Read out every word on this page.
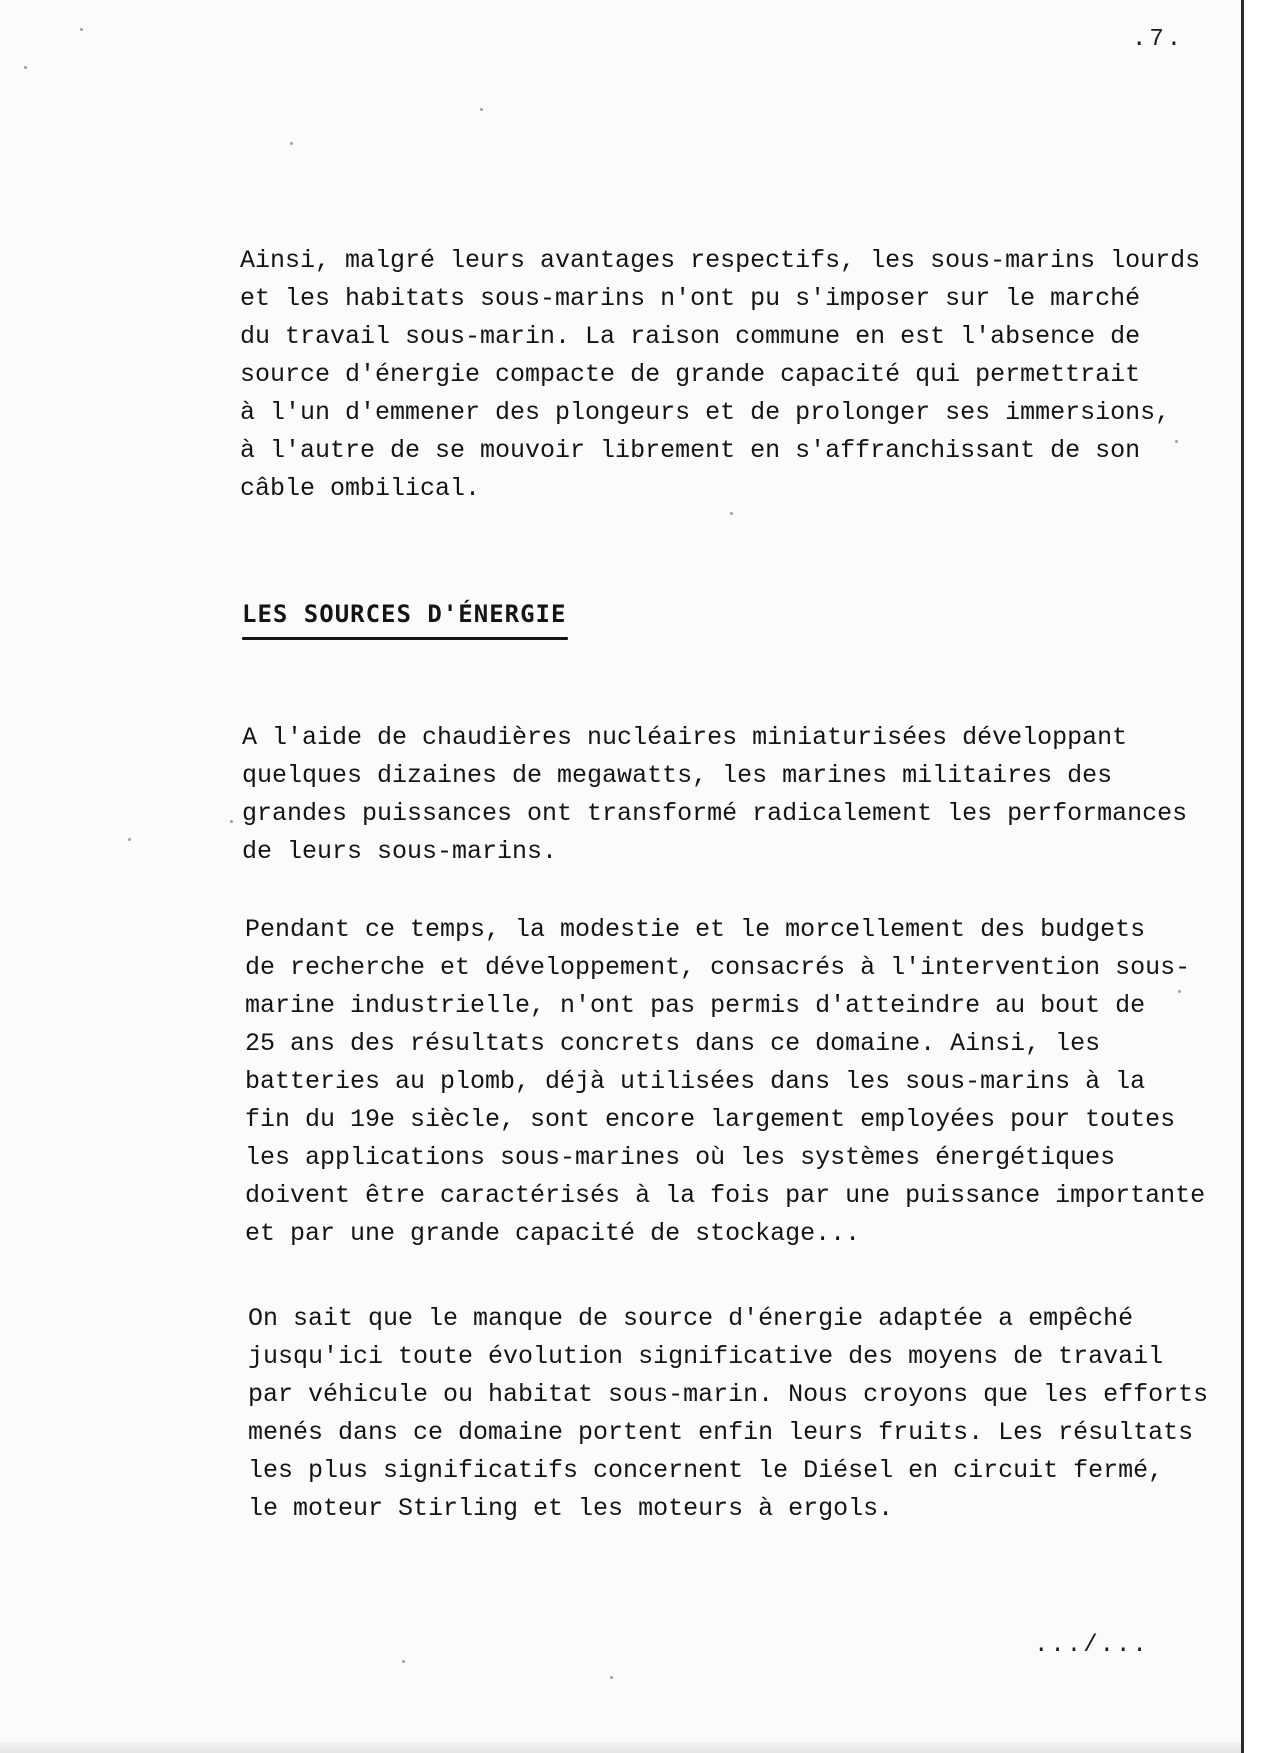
.7.

Ainsi, malgré leurs avantages respectifs, les sous-marins lourds
et les habitats sous-marins n'ont pu s'imposer sur le marché
du travail sous-marin. La raison commune en est l'absence de
source d'énergie compacte de grande capacité qui permettrait
à l'un d'emmener des plongeurs et de prolonger ses immersions,
à l'autre de se mouvoir librement en s'affranchissant de son
câble ombilical.
LES SOURCES D'ÉNERGIE
A l'aide de chaudières nucléaires miniaturisées développant
quelques dizaines de megawatts, les marines militaires des
grandes puissances ont transformé radicalement les performances
de leurs sous-marins.
Pendant ce temps, la modestie et le morcellement des budgets
de recherche et développement, consacrés à l'intervention sous-
marine industrielle, n'ont pas permis d'atteindre au bout de
25 ans des résultats concrets dans ce domaine. Ainsi, les
batteries au plomb, déjà utilisées dans les sous-marins à la
fin du 19e siècle, sont encore largement employées pour toutes
les applications sous-marines où les systèmes énergétiques
doivent être caractérisés à la fois par une puissance importante
et par une grande capacité de stockage...
On sait que le manque de source d'énergie adaptée a empêché
jusqu'ici toute évolution significative des moyens de travail
par véhicule ou habitat sous-marin. Nous croyons que les efforts
menés dans ce domaine portent enfin leurs fruits. Les résultats
les plus significatifs concernent le Diésel en circuit fermé,
le moteur Stirling et les moteurs à ergols.

.../...
